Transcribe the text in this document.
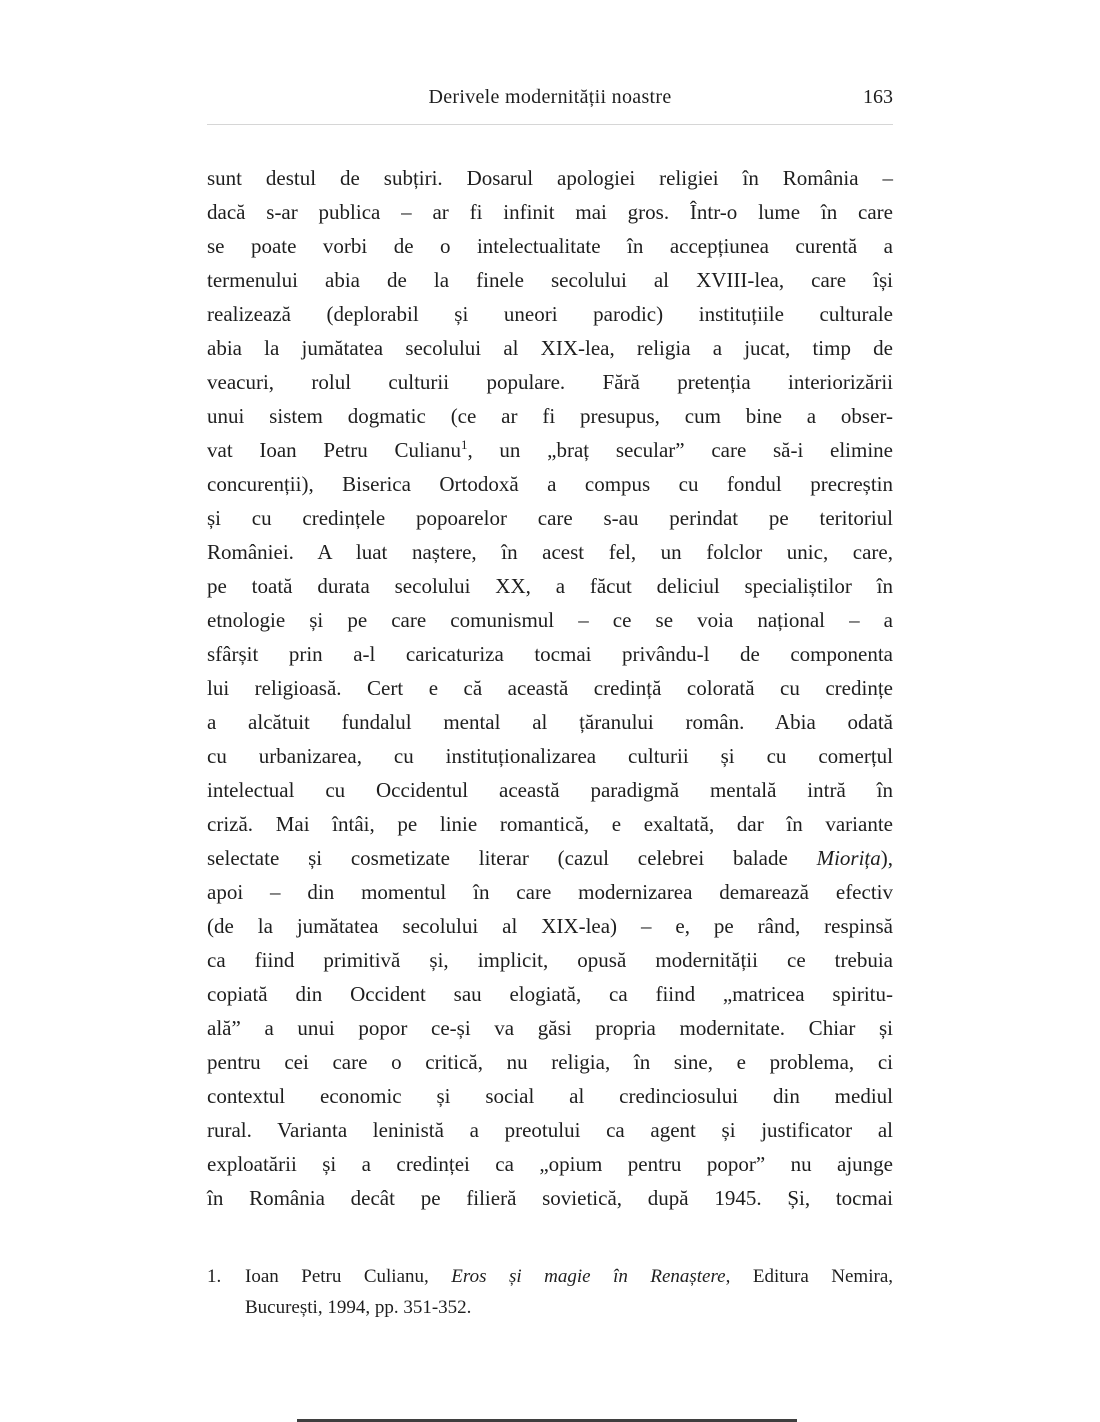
Derivele modernității noastre	163
sunt destul de subțiri. Dosarul apologiei religiei în România –
dacă s-ar publica – ar fi infinit mai gros. Într-o lume în care
se poate vorbi de o intelectualitate în accepțiunea curentă a
termenului abia de la finele secolului al XVIII-lea, care își
realizează (deplorabil și uneori parodic) instituțiile culturale
abia la jumătatea secolului al XIX-lea, religia a jucat, timp de
veacuri, rolul culturii populare. Fără pretenția interiorizării
unui sistem dogmatic (ce ar fi presupus, cum bine a obser-
vat Ioan Petru Culianu$^1$, un „braț secular” care să-i elimine
concurenții), Biserica Ortodoxă a compus cu fondul precreștin
și cu credințele popoarelor care s-au perindat pe teritoriul
României. A luat naștere, în acest fel, un folclor unic, care,
pe toată durata secolului XX, a făcut deliciul specialiștilor în
etnologie și pe care comunismul – ce se voia național – a
sfârșit prin a-l caricaturiza tocmai privându-l de componenta
lui religioasă. Cert e că această credință colorată cu credințe
a alcătuit fundalul mental al țăranului român. Abia odată
cu urbanizarea, cu instituționalizarea culturii și cu comerțul
intelectual cu Occidentul această paradigmă mentală intră în
criză. Mai întâi, pe linie romantică, e exaltată, dar în variante
selectate și cosmetizate literar (cazul celebrei balade Miorița),
apoi – din momentul în care modernizarea demarează efectiv
(de la jumătatea secolului al XIX-lea) – e, pe rând, respinsă
ca fiind primitivă și, implicit, opusă modernității ce trebuia
copiată din Occident sau elogiată, ca fiind „matricea spiritu-
ală” a unui popor ce-și va găsi propria modernitate. Chiar și
pentru cei care o critică, nu religia, în sine, e problema, ci
contextul economic și social al credinciosului din mediul
rural. Varianta leninistă a preotului ca agent și justificator al
exploatării și a credinței ca „opium pentru popor” nu ajunge
în România decât pe filieră sovietică, după 1945. Și, tocmai
1. Ioan Petru Culianu, Eros și magie în Renaștere, Editura Nemira,
București, 1994, pp. 351-352.
